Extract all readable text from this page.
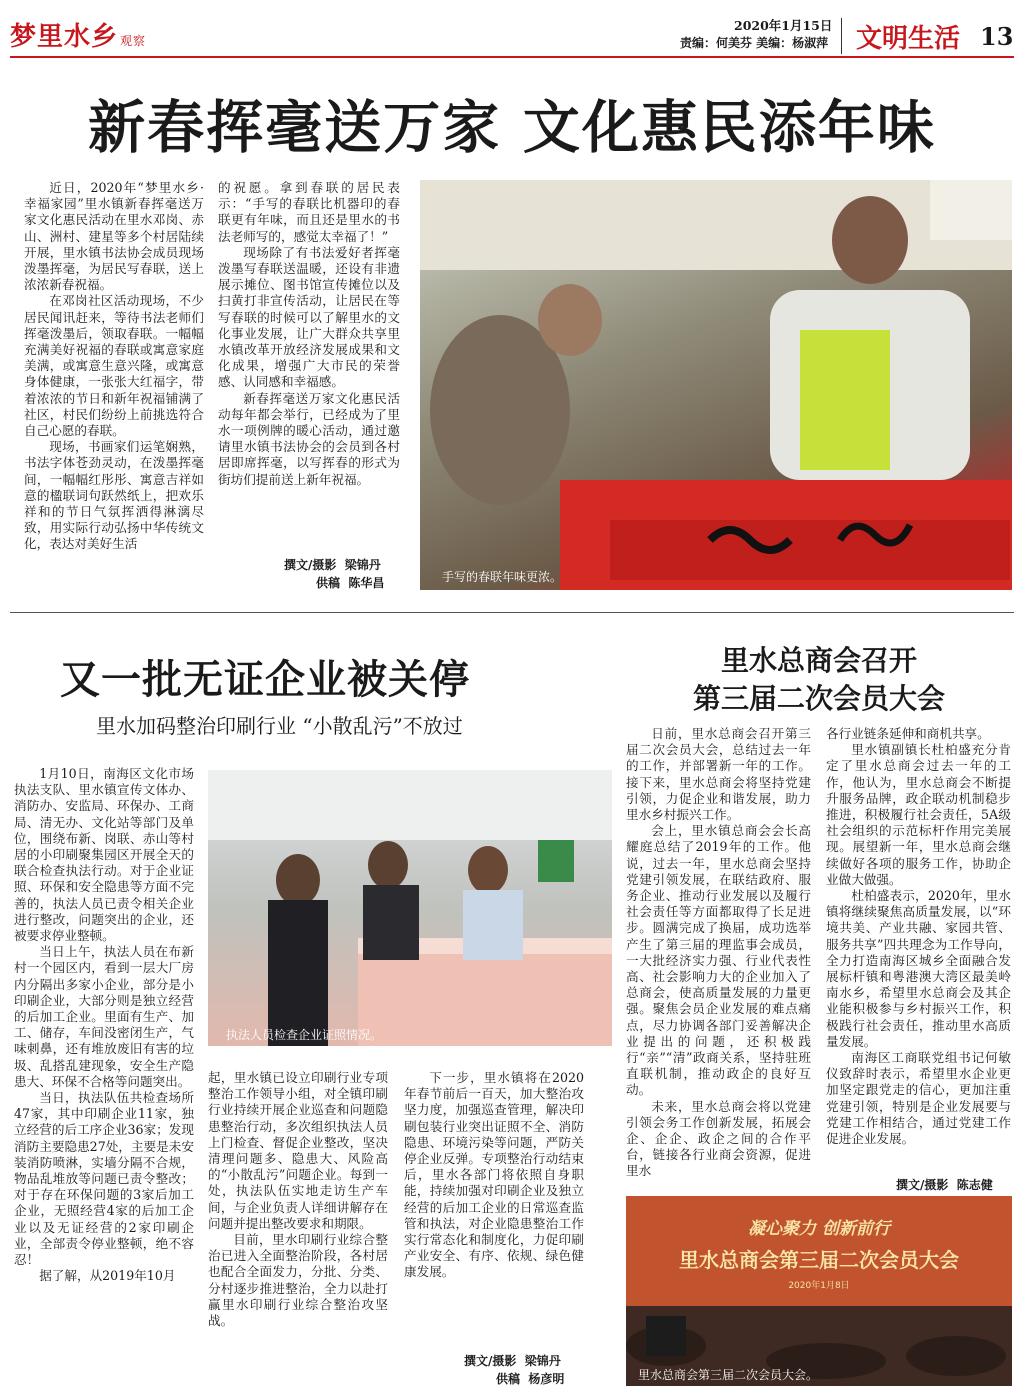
梦里水乡 观察
2020年1月15日
责编：何美芬 美编：杨淑萍 文明生活 13
新春挥毫送万家 文化惠民添年味

近日，2020年“梦里水乡·幸福家园”里水镇新春挥毫送万家文化惠民活动在里水邓岗、赤山、洲村、建星等多个村居陆续开展，里水镇书法协会成员现场泼墨挥毫，为居民写春联，送上浓浓新春祝福。

在邓岗社区活动现场，不少居民闻讯赶来，等待书法老师们挥毫泼墨后，领取春联。一幅幅充满美好祝福的春联或寓意家庭美满，或寓意生意兴隆，或寓意身体健康，一张张大红福字，带着浓浓的节日和新年祝福铺满了社区，村民们纷纷上前挑选符合自己心愿的春联。

现场，书画家们运笔娴熟，书法字体苍劲灵动，在泼墨挥毫间，一幅幅红彤彤、寓意吉祥如意的楹联词句跃然纸上，把欢乐祥和的节日气氛挥洒得淋漓尽致，用实际行动弘扬中华传统文化，表达对美好生活

的祝愿。拿到春联的居民表示：“手写的春联比机器印的春联更有年味，而且还是里水的书法老师写的，感觉太幸福了！”

现场除了有书法爱好者挥毫泼墨写春联送温暖，还设有非遗展示摊位、图书馆宣传摊位以及扫黄打非宣传活动，让居民在等写春联的时候可以了解里水的文化事业发展，让广大群众共享里水镇改革开放经济发展成果和文化成果，增强广大市民的荣誉感、认同感和幸福感。

新春挥毫送万家文化惠民活动每年都会举行，已经成为了里水一项例牌的暖心活动，通过邀请里水镇书法协会的会员到各村居即席挥毫，以写挥春的形式为街坊们提前送上新年祝福。

撰文/摄影  梁锦丹
供稿  陈华昌	手写的春联年味更浓。
又一批无证企业被关停
里水加码整治印刷行业 “小散乱污”不放过

1月10日，南海区文化市场执法支队、里水镇宣传文体办、消防办、安监局、环保办、工商局、清无办、文化站等部门及单位，围绕布新、岗联、赤山等村居的小印刷聚集园区开展全天的联合检查执法行动。对于企业证照、环保和安全隐患等方面不完善的，执法人员已责令相关企业进行整改，问题突出的企业，还被要求停业整顿。

当日上午，执法人员在布新村一个园区内，看到一层大厂房内分隔出多家小企业，部分是小印刷企业，大部分则是独立经营的后加工企业。里面有生产、加工、储存，车间没密闭生产，气味刺鼻，还有堆放废旧有害的垃圾、乱搭乱建现象，安全生产隐患大、环保不合格等问题突出。

当日，执法队伍共检查场所47家，其中印刷企业11家，独立经营的后工序企业36家；发现消防主要隐患27处，主要是未安装消防喷淋，实墙分隔不合规，物品乱堆放等问题已责令整改；对于存在环保问题的3家后加工企业，无照经营4家的后加工企业以及无证经营的2家印刷企业，全部责令停业整顿，绝不容忍！

据了解，从2019年10月

执法人员检查企业证照情况。

起，里水镇已设立印刷行业专项整治工作领导小组，对全镇印刷行业持续开展企业巡查和问题隐患整治行动，多次组织执法人员上门检查、督促企业整改，坚决清理问题多、隐患大、风险高的“小散乱污”问题企业。每到一处，执法队伍实地走访生产车间，与企业负责人详细讲解存在问题并提出整改要求和期限。

目前，里水印刷行业综合整治已进入全面整治阶段，各村居也配合全面发力，分批、分类、分村逐步推进整治，全力以赴打赢里水印刷行业综合整治攻坚战。

下一步，里水镇将在2020年春节前后一百天，加大整治攻坚力度，加强巡查管理，解决印刷包装行业突出证照不全、消防隐患、环境污染等问题，严防关停企业反弹。专项整治行动结束后，里水各部门将依照自身职能，持续加强对印刷企业及独立经营的后加工企业的日常巡查监管和执法，对企业隐患整治工作实行常态化和制度化，力促印刷产业安全、有序、依规、绿色健康发展。

撰文/摄影  梁锦丹
供稿  杨彦明
里水总商会召开
第三届二次会员大会

日前，里水总商会召开第三届二次会员大会，总结过去一年的工作，并部署新一年的工作。接下来，里水总商会将坚持党建引领，力促企业和谐发展，助力里水乡村振兴工作。

会上，里水镇总商会会长高耀庭总结了2019年的工作。他说，过去一年，里水总商会坚持党建引领发展，在联结政府、服务企业、推动行业发展以及履行社会责任等方面都取得了长足进步。圆满完成了换届，成功选举产生了第三届的理监事会成员，一大批经济实力强、行业代表性高、社会影响力大的企业加入了总商会，使高质量发展的力量更强。聚焦会员企业发展的难点痛点，尽力协调各部门妥善解决企业提出的问题，还积极践行“亲”“清”政商关系，坚持驻班直联机制，推动政企的良好互动。

未来，里水总商会将以党建引领会务工作创新发展，拓展会企、企企、政企之间的合作平台，链接各行业商会资源，促进里水

各行业链条延伸和商机共享。

里水镇副镇长杜柏盛充分肯定了里水总商会过去一年的工作，他认为，里水总商会不断提升服务品牌，政企联动机制稳步推进，积极履行社会责任，5A级社会组织的示范标杆作用完美展现。展望新一年，里水总商会继续做好各项的服务工作，协助企业做大做强。

杜柏盛表示，2020年，里水镇将继续聚焦高质量发展，以“环境共美、产业共融、家园共管、服务共享”四共理念为工作导向，全力打造南海区城乡全面融合发展标杆镇和粤港澳大湾区最美岭南水乡，希望里水总商会及其企业能积极参与乡村振兴工作，积极践行社会责任，推动里水高质量发展。

南海区工商联党组书记何敏仪致辞时表示，希望里水企业更加坚定跟党走的信心，更加注重党建引领，特别是企业发展要与党建工作相结合，通过党建工作促进企业发展。

撰文/摄影  陈志健
凝心聚力 创新前行
里水总商会第三届二次会员大会
2020年1月8日
里水总商会第三届二次会员大会。
